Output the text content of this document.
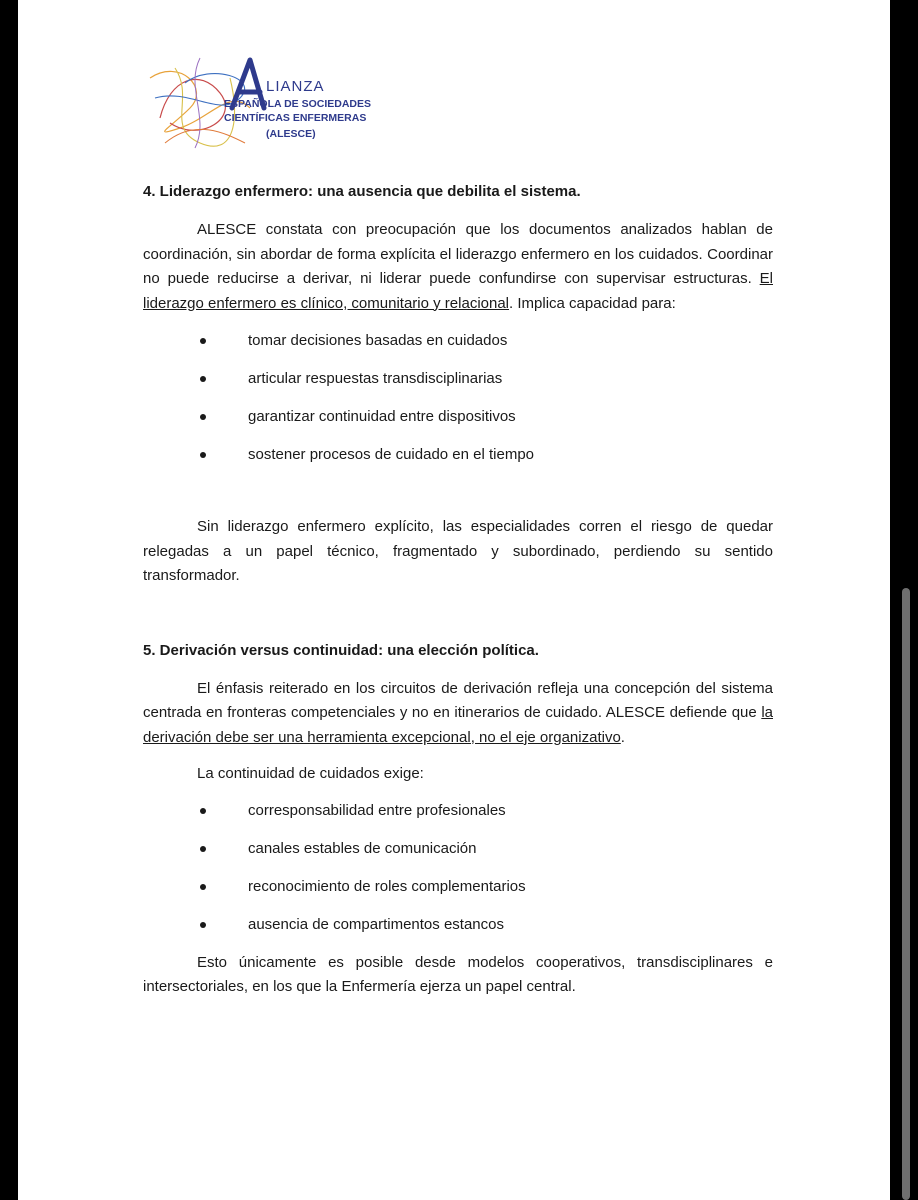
LIANZA
ESPAÑOLA DE SOCIEDADES
CIENTÍFICAS ENFERMERAS
(ALESCE)
4. Liderazgo enfermero: una ausencia que debilita el sistema.

ALESCE constata con preocupación que los documentos analizados hablan de coordinación, sin abordar de forma explícita el liderazgo enfermero en los cuidados. Coordinar no puede reducirse a derivar, ni liderar puede confundirse con supervisar estructuras. El liderazgo enfermero es clínico, comunitario y relacional. Implica capacidad para:

tomar decisiones basadas en cuidados
articular respuestas transdisciplinarias
garantizar continuidad entre dispositivos
sostener procesos de cuidado en el tiempo

Sin liderazgo enfermero explícito, las especialidades corren el riesgo de quedar relegadas a un papel técnico, fragmentado y subordinado, perdiendo su sentido transformador.

5. Derivación versus continuidad: una elección política.

El énfasis reiterado en los circuitos de derivación refleja una concepción del sistema centrada en fronteras competenciales y no en itinerarios de cuidado. ALESCE defiende que la derivación debe ser una herramienta excepcional, no el eje organizativo.

La continuidad de cuidados exige:

corresponsabilidad entre profesionales
canales estables de comunicación
reconocimiento de roles complementarios
ausencia de compartimentos estancos

Esto únicamente es posible desde modelos cooperativos, transdisciplinares e intersectoriales, en los que la Enfermería ejerza un papel central.
